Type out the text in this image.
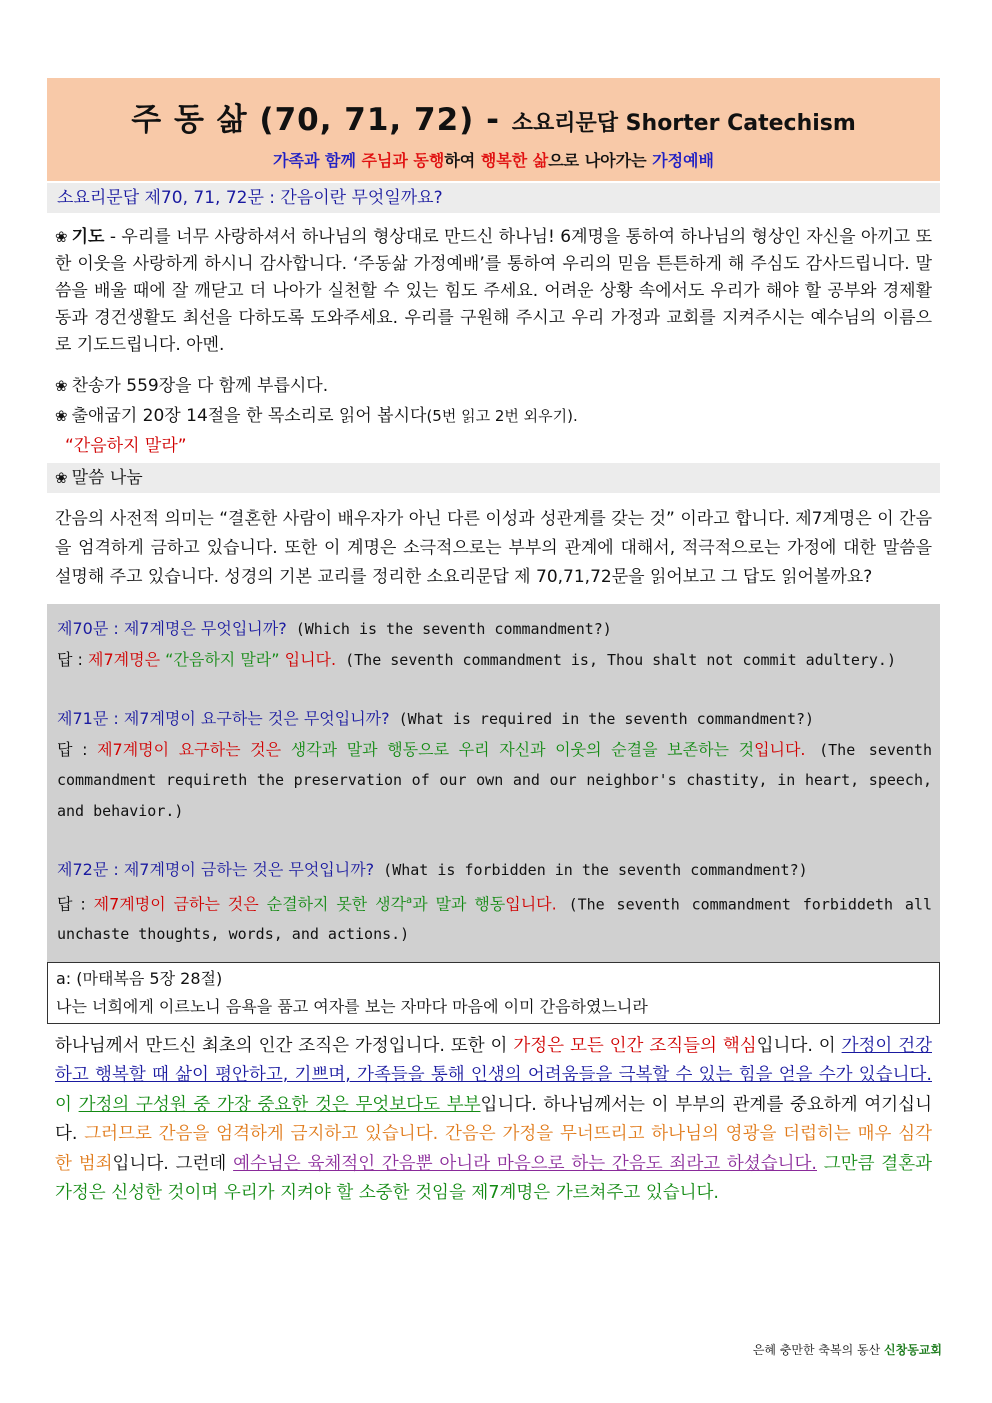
주 동 삶 (70, 71, 72) - 소요리문답 Shorter Catechism
가족과 함께 주님과 동행하여 행복한 삶으로 나아가는 가정예배
소요리문답 제70, 71, 72문 : 간음이란 무엇일까요?
❀ 기도 - 우리를 너무 사랑하셔서 하나님의 형상대로 만드신 하나님! 6계명을 통하여 하나님의 형상인 자신을 아끼고 또한 이웃을 사랑하게 하시니 감사합니다. ‘주동삶 가정예배’를 통하여 우리의 믿음 튼튼하게 해 주심도 감사드립니다. 말씀을 배울 때에 잘 깨닫고 더 나아가 실천할 수 있는 힘도 주세요. 어려운 상황 속에서도 우리가 해야 할 공부와 경제활동과 경건생활도 최선을 다하도록 도와주세요. 우리를 구원해 주시고 우리 가정과 교회를 지켜주시는 예수님의 이름으로 기도드립니다. 아멘.
❀ 찬송가 559장을 다 함께 부릅시다.
❀ 출애굽기 20장 14절을 한 목소리로 읽어 봅시다(5번 읽고 2번 외우기).
“간음하지 말라”
❀ 말씀 나눔
간음의 사전적 의미는 “결혼한 사람이 배우자가 아닌 다른 이성과 성관계를 갖는 것” 이라고 합니다. 제7계명은 이 간음을 엄격하게 금하고 있습니다. 또한 이 계명은 소극적으로는 부부의 관계에 대해서, 적극적으로는 가정에 대한 말씀을 설명해 주고 있습니다. 성경의 기본 교리를 정리한 소요리문답 제 70,71,72문을 읽어보고 그 답도 읽어볼까요?

제70문 : 제7계명은 무엇입니까? (Which is the seventh commandment?)

답 : 제7계명은 “간음하지 말라” 입니다. (The seventh commandment is, Thou shalt not commit adultery.)

제71문 : 제7계명이 요구하는 것은 무엇입니까? (What is required in the seventh commandment?)

답 : 제7계명이 요구하는 것은 생각과 말과 행동으로 우리 자신과 이웃의 순결을 보존하는 것입니다. (The seventh commandment requireth the preservation of our own and our neighbor's chastity, in heart, speech, and behavior.)

제72문 : 제7계명이 금하는 것은 무엇입니까? (What is forbidden in the seventh commandment?)

답 : 제7계명이 금하는 것은 순결하지 못한 생각$^a$과 말과 행동입니다. (The seventh commandment forbiddeth all unchaste thoughts, words, and actions.)

a: (마태복음 5장 28절)
나는 너희에게 이르노니 음욕을 품고 여자를 보는 자마다 마음에 이미 간음하였느니라
하나님께서 만드신 최초의 인간 조직은 가정입니다. 또한 이 가정은 모든 인간 조직들의 핵심입니다. 이 가정이 건강하고 행복할 때 삶이 평안하고, 기쁘며, 가족들을 통해 인생의 어려움들을 극복할 수 있는 힘을 얻을 수가 있습니다. 이 가정의 구성원 중 가장 중요한 것은 무엇보다도 부부입니다. 하나님께서는 이 부부의 관계를 중요하게 여기십니다. 그러므로 간음을 엄격하게 금지하고 있습니다. 간음은 가정을 무너뜨리고 하나님의 영광을 더럽히는 매우 심각한 범죄입니다. 그런데 예수님은 육체적인 간음뿐 아니라 마음으로 하는 간음도 죄라고 하셨습니다. 그만큼 결혼과 가정은 신성한 것이며 우리가 지켜야 할 소중한 것임을 제7계명은 가르쳐주고 있습니다.
은혜 충만한 축복의 동산 신창동교회
